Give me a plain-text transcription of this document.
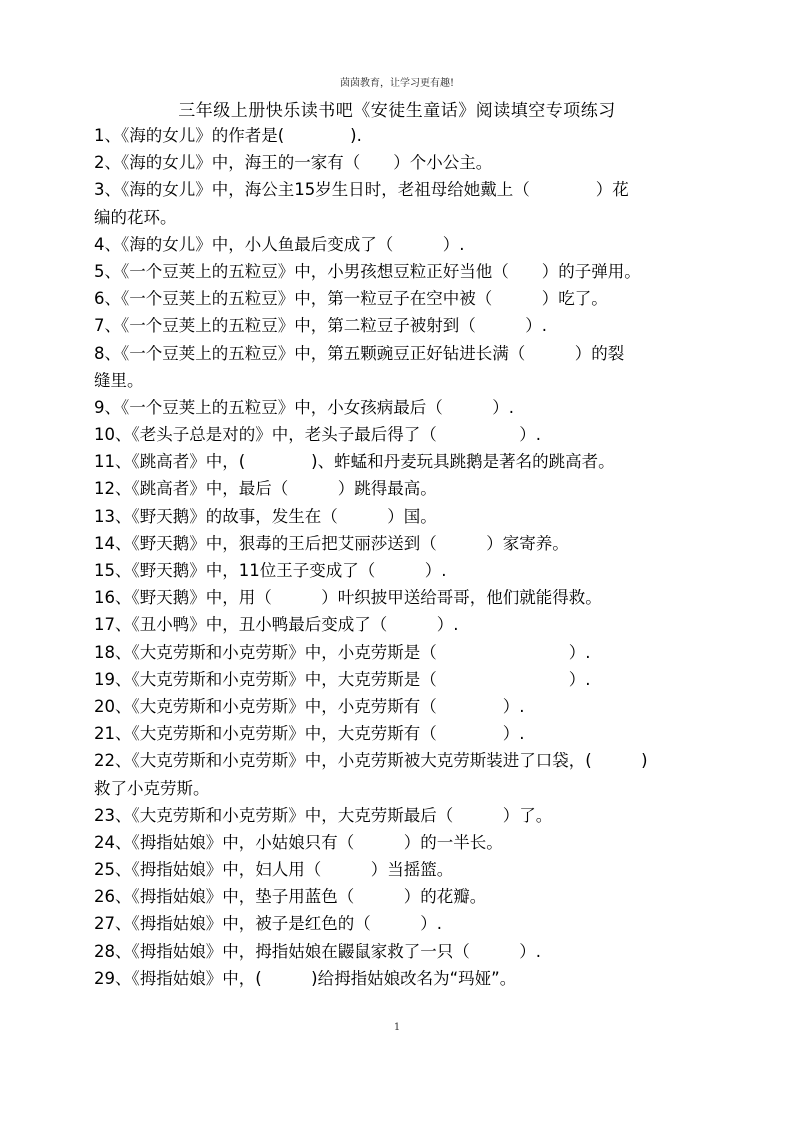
茵茵教育，让学习更有趣!
三年级上册快乐读书吧《安徒生童话》阅读填空专项练习
1、《海的女儿》的作者是(　　　　).
2、《海的女儿》中，海王的一家有（　　）个小公主。
3、《海的女儿》中，海公主15岁生日时，老祖母给她戴上（　　　　）花
编的花环。
4、《海的女儿》中，小人鱼最后变成了（　　　）.
5、《一个豆荚上的五粒豆》中，小男孩想豆粒正好当他（　　）的子弹用。
6、《一个豆荚上的五粒豆》中，第一粒豆子在空中被（　　　）吃了。
7、《一个豆荚上的五粒豆》中，第二粒豆子被射到（　　　）.
8、《一个豆荚上的五粒豆》中，第五颗豌豆正好钻进长满（　　　）的裂
缝里。
9、《一个豆荚上的五粒豆》中，小女孩病最后（　　　）.
10、《老头子总是对的》中，老头子最后得了（　　　　　）.
11、《跳高者》中，(　　　　)、蚱蜢和丹麦玩具跳鹅是著名的跳高者。
12、《跳高者》中，最后（　　　）跳得最高。
13、《野天鹅》的故事，发生在（　　　）国。
14、《野天鹅》中，狠毒的王后把艾丽莎送到（　　　）家寄养。
15、《野天鹅》中，11位王子变成了（　　　）.
16、《野天鹅》中，用（　　　）叶织披甲送给哥哥，他们就能得救。
17、《丑小鸭》中，丑小鸭最后变成了（　　　）.
18、《大克劳斯和小克劳斯》中，小克劳斯是（　　　　　　　　）.
19、《大克劳斯和小克劳斯》中，大克劳斯是（　　　　　　　　）.
20、《大克劳斯和小克劳斯》中，小克劳斯有（　　　　）.
21、《大克劳斯和小克劳斯》中，大克劳斯有（　　　　）.
22、《大克劳斯和小克劳斯》中，小克劳斯被大克劳斯装进了口袋，(　　　)
救了小克劳斯。
23、《大克劳斯和小克劳斯》中，大克劳斯最后（　　　）了。
24、《拇指姑娘》中，小姑娘只有（　　　）的一半长。
25、《拇指姑娘》中，妇人用（　　　）当摇篮。
26、《拇指姑娘》中，垫子用蓝色（　　　）的花瓣。
27、《拇指姑娘》中，被子是红色的（　　　）.
28、《拇指姑娘》中，拇指姑娘在鼹鼠家救了一只（　　　）.
29、《拇指姑娘》中，(　　　)给拇指姑娘改名为“玛娅”。
1
